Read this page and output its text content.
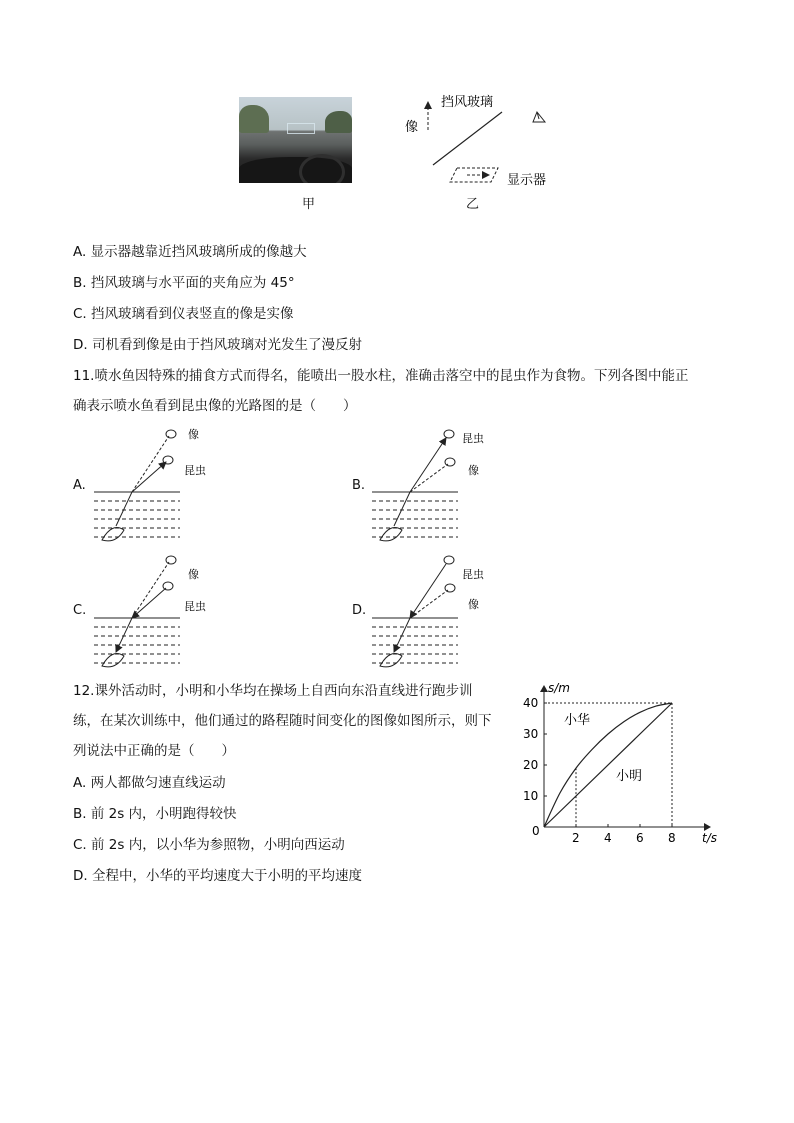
甲
挡风玻璃
像
显示器
乙
A. 显示器越靠近挡风玻璃所成的像越大
B. 挡风玻璃与水平面的夹角应为 45°
C. 挡风玻璃看到仪表竖直的像是实像
D. 司机看到像是由于挡风玻璃对光发生了漫反射
11.喷水鱼因特殊的捕食方式而得名，能喷出一股水柱，准确击落空中的昆虫作为食物。下列各图中能正
确表示喷水鱼看到昆虫像的光路图的是（　　）
A.
像
昆虫
B.
昆虫
像
C.
像
昆虫	D.
昆虫
像
12.课外活动时，小明和小华均在操场上自西向东沿直线进行跑步训
练，在某次训练中，他们通过的路程随时间变化的图像如图所示，则下
列说法中正确的是（　　）
A. 两人都做匀速直线运动
B. 前 2s 内，小明跑得较快
C. 前 2s 内，以小华为参照物，小明向西运动
D. 全程中，小华的平均速度大于小明的平均速度
s/m
t/s
0	2 4 6 8
10
20
30
40
小华
小明
